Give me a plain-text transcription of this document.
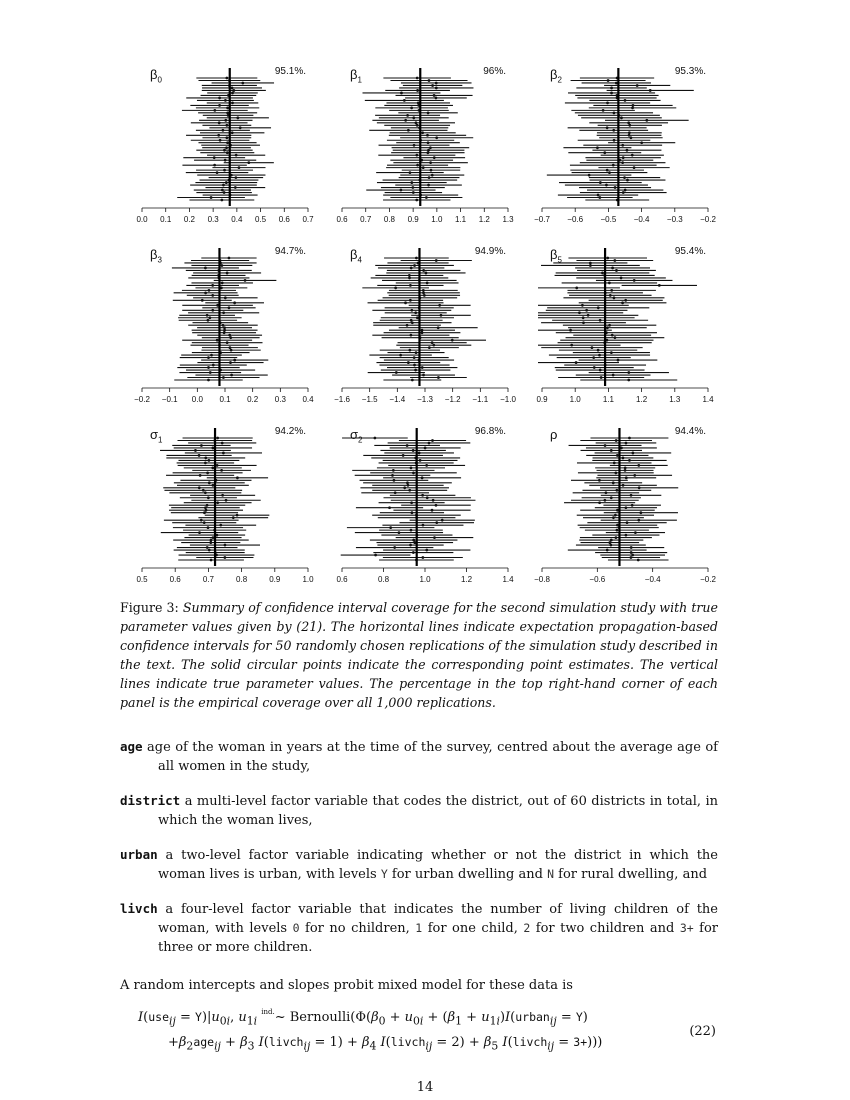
0.0 0.1 0.2 0.3 0.4 0.5 0.6 0.7
$\beta_0$
95.1%.
0.6 0.7 0.8 0.9 1.0 1.1 1.2 1.3
$\beta_1$
96%.
−0.7 −0.6 −0.5 −0.4 −0.3 −0.2
$\beta_2$
95.3%.
−0.2 −0.1 0.0 0.1 0.2 0.3 0.4
$\beta_3$
94.7%.
−1.6 −1.5 −1.4 −1.3 −1.2 −1.1 −1.0
$\beta_4$
94.9%.
0.9	1.0	1.1	1.2	1.3	1.4
$\beta_5$
95.4%.
0.5	0.6	0.7	0.8	0.9	1.0
$\sigma_1$
94.2%.
0.6	0.8	1.0	1.2	1.4
$\sigma_2$
96.8%.
−0.8	−0.6	−0.4	−0.2
ρ	94.4%.
Figure 3: Summary of confidence interval coverage for the second simulation study with true parameter values given by (21). The horizontal lines indicate expectation propagation-based confidence intervals for 50 randomly chosen replications of the simulation study described in the text. The solid circular points indicate the corresponding point estimates. The vertical lines indicate true parameter values. The percentage in the top right-hand corner of each panel is the empirical coverage over all 1,000 replications.
age age of the woman in years at the time of the survey, centred about the average age of all women in the study,
district a multi-level factor variable that codes the district, out of 60 districts in total, in which the woman lives,
urban a two-level factor variable indicating whether or not the district in which the woman lives is urban, with levels Y for urban dwelling and N for rural dwelling, and
livch a four-level factor variable that indicates the number of living children of the woman, with levels 0 for no children, 1 for one child, 2 for two children and 3+ for three or more children.
A random intercepts and slopes probit mixed model for these data is
$I(use_{ij} = Y)|u_{0i}$, $u_{1i}$ $^{ind.}$~ $Bernoulli(\Phi(\beta_0 + u_{0i} + (\beta_1$ + $u_{1i})I(urban_{ij} = Y)$
$+\beta_2age_{ij} + \beta_3$ I(livch$_{ij}$ = $1) + \beta_4$ I(livch$_{ij}$ = $2) + \beta_5$ I(livch$_{ij}$ = 3+)))
(22)
14
